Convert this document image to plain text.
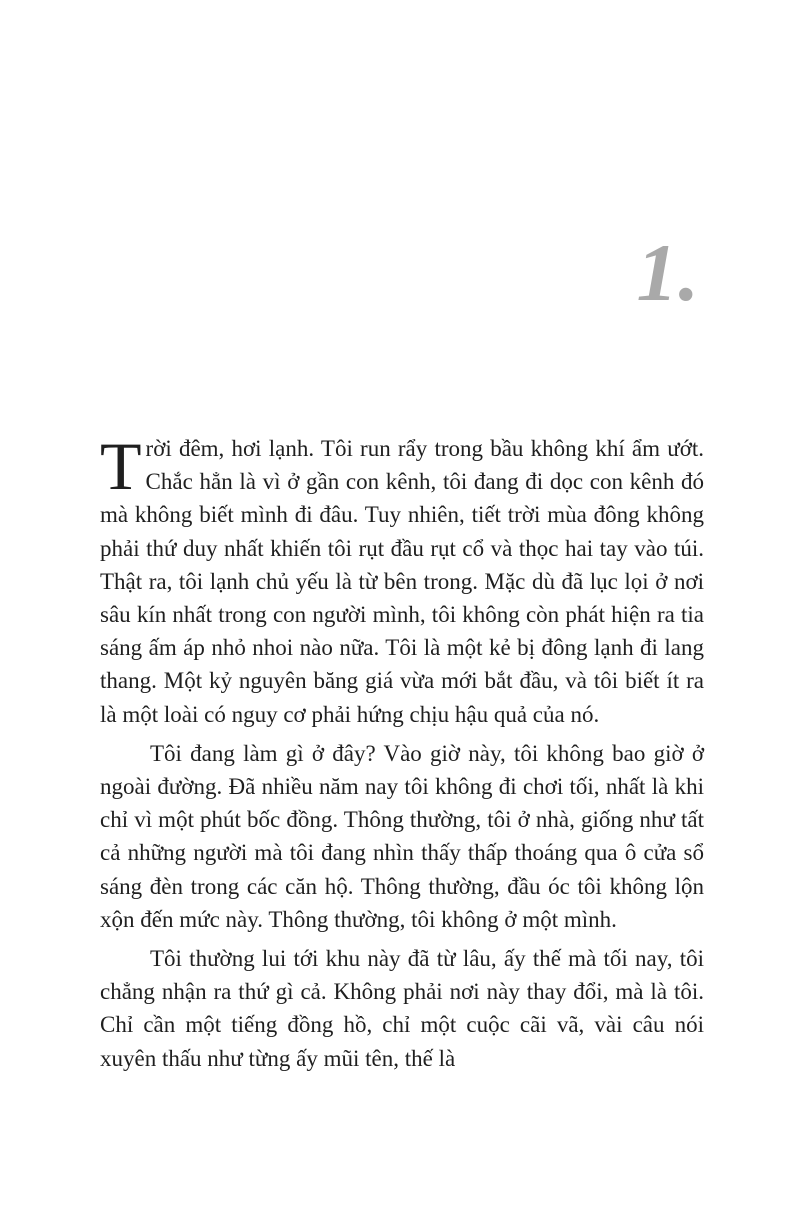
1.

Trời đêm, hơi lạnh. Tôi run rẩy trong bầu không khí ẩm ướt. Chắc hẳn là vì ở gần con kênh, tôi đang đi dọc con kênh đó mà không biết mình đi đâu. Tuy nhiên, tiết trời mùa đông không phải thứ duy nhất khiến tôi rụt đầu rụt cổ và thọc hai tay vào túi. Thật ra, tôi lạnh chủ yếu là từ bên trong. Mặc dù đã lục lọi ở nơi sâu kín nhất trong con người mình, tôi không còn phát hiện ra tia sáng ấm áp nhỏ nhoi nào nữa. Tôi là một kẻ bị đông lạnh đi lang thang. Một kỷ nguyên băng giá vừa mới bắt đầu, và tôi biết ít ra là một loài có nguy cơ phải hứng chịu hậu quả của nó.

Tôi đang làm gì ở đây? Vào giờ này, tôi không bao giờ ở ngoài đường. Đã nhiều năm nay tôi không đi chơi tối, nhất là khi chỉ vì một phút bốc đồng. Thông thường, tôi ở nhà, giống như tất cả những người mà tôi đang nhìn thấy thấp thoáng qua ô cửa sổ sáng đèn trong các căn hộ. Thông thường, đầu óc tôi không lộn xộn đến mức này. Thông thường, tôi không ở một mình.

Tôi thường lui tới khu này đã từ lâu, ấy thế mà tối nay, tôi chẳng nhận ra thứ gì cả. Không phải nơi này thay đổi, mà là tôi. Chỉ cần một tiếng đồng hồ, chỉ một cuộc cãi vã, vài câu nói xuyên thấu như từng ấy mũi tên, thế là
